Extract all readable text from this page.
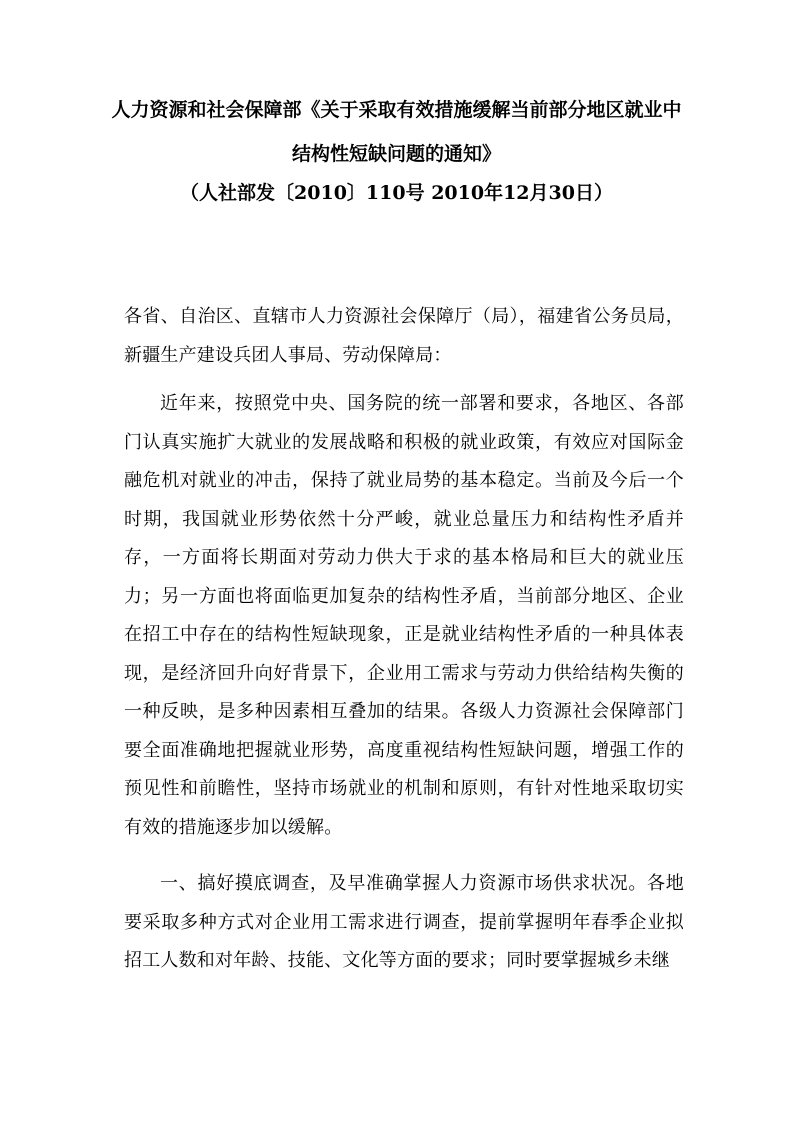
人力资源和社会保障部《关于采取有效措施缓解当前部分地区就业中
结构性短缺问题的通知》
（人社部发〔2010〕110号 2010年12月30日）

各省、自治区、直辖市人力资源社会保障厅（局），福建省公务员局，新疆生产建设兵团人事局、劳动保障局：

近年来，按照党中央、国务院的统一部署和要求，各地区、各部门认真实施扩大就业的发展战略和积极的就业政策，有效应对国际金融危机对就业的冲击，保持了就业局势的基本稳定。当前及今后一个时期，我国就业形势依然十分严峻，就业总量压力和结构性矛盾并存，一方面将长期面对劳动力供大于求的基本格局和巨大的就业压力；另一方面也将面临更加复杂的结构性矛盾，当前部分地区、企业在招工中存在的结构性短缺现象，正是就业结构性矛盾的一种具体表现，是经济回升向好背景下，企业用工需求与劳动力供给结构失衡的一种反映，是多种因素相互叠加的结果。各级人力资源社会保障部门要全面准确地把握就业形势，高度重视结构性短缺问题，增强工作的预见性和前瞻性，坚持市场就业的机制和原则，有针对性地采取切实有效的措施逐步加以缓解。

一、搞好摸底调查，及早准确掌握人力资源市场供求状况。各地要采取多种方式对企业用工需求进行调查，提前掌握明年春季企业拟招工人数和对年龄、技能、文化等方面的要求；同时要掌握城乡未继
